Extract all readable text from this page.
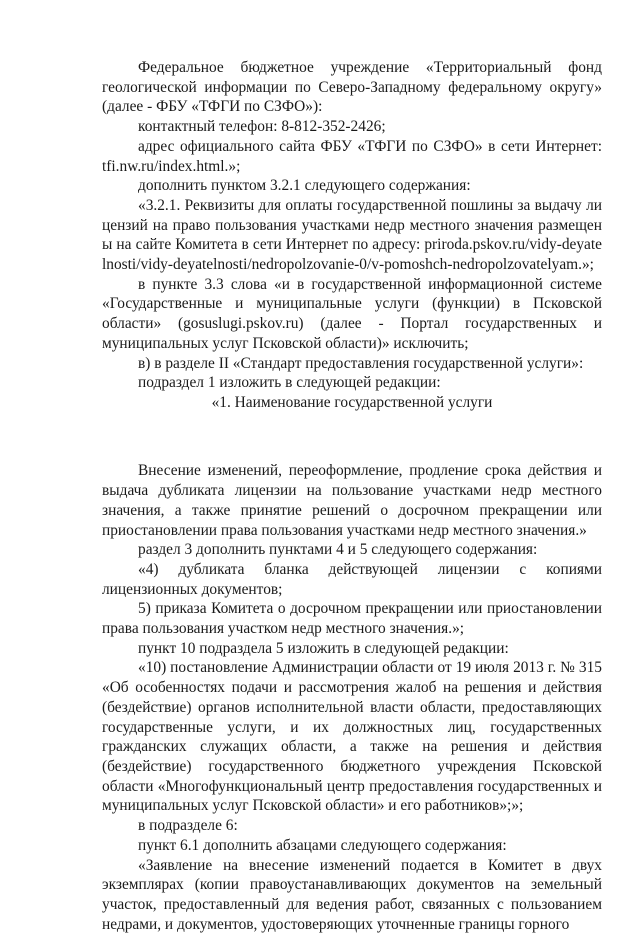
Федеральное бюджетное учреждение «Территориальный фонд геологической информации по Северо-Западному федеральному округу» (далее - ФБУ «ТФГИ по СЗФО»):

контактный телефон: 8-812-352-2426;

адрес официального сайта ФБУ «ТФГИ по СЗФО» в сети Интернет: tfi.nw.ru/index.html.»;

дополнить пунктом 3.2.1 следующего содержания:

«3.2.1. Реквизиты для оплаты государственной пошлины за выдачу лицензий на право пользования участками недр местного значения размещены на сайте Комитета в сети Интернет по адресу: priroda.pskov.ru/vidy-deyatelnosti/vidy-deyatelnosti/nedropolzovanie-0/v-pomoshch-nedropolzovatelyam.»;

в пункте 3.3 слова «и в государственной информационной системе «Государственные и муниципальные услуги (функции) в Псковской области» (gosuslugi.pskov.ru) (далее - Портал государственных и муниципальных услуг Псковской области)» исключить;

в) в разделе II «Стандарт предоставления государственной услуги»:

подраздел 1 изложить в следующей редакции:

«1. Наименование государственной услуги

Внесение изменений, переоформление, продление срока действия и выдача дубликата лицензии на пользование участками недр местного значения, а также принятие решений о досрочном прекращении или приостановлении права пользования участками недр местного значения.»

раздел 3 дополнить пунктами 4 и 5 следующего содержания:

«4) дубликата бланка действующей лицензии с копиями лицензионных документов;

5) приказа Комитета о досрочном прекращении или приостановлении права пользования участком недр местного значения.»;

пункт 10 подраздела 5 изложить в следующей редакции:

«10) постановление Администрации области от 19 июля 2013 г. № 315 «Об особенностях подачи и рассмотрения жалоб на решения и действия (бездействие) органов исполнительной власти области, предоставляющих государственные услуги, и их должностных лиц, государственных гражданских служащих области, а также на решения и действия (бездействие) государственного бюджетного учреждения Псковской области «Многофункциональный центр предоставления государственных и муниципальных услуг Псковской области» и его работников»;»;

в подразделе 6:

пункт 6.1 дополнить абзацами следующего содержания:

«Заявление на внесение изменений подается в Комитет в двух экземплярах (копии правоустанавливающих документов на земельный участок, предоставленный для ведения работ, связанных с пользованием недрами, и документов, удостоверяющих уточненные границы горного
